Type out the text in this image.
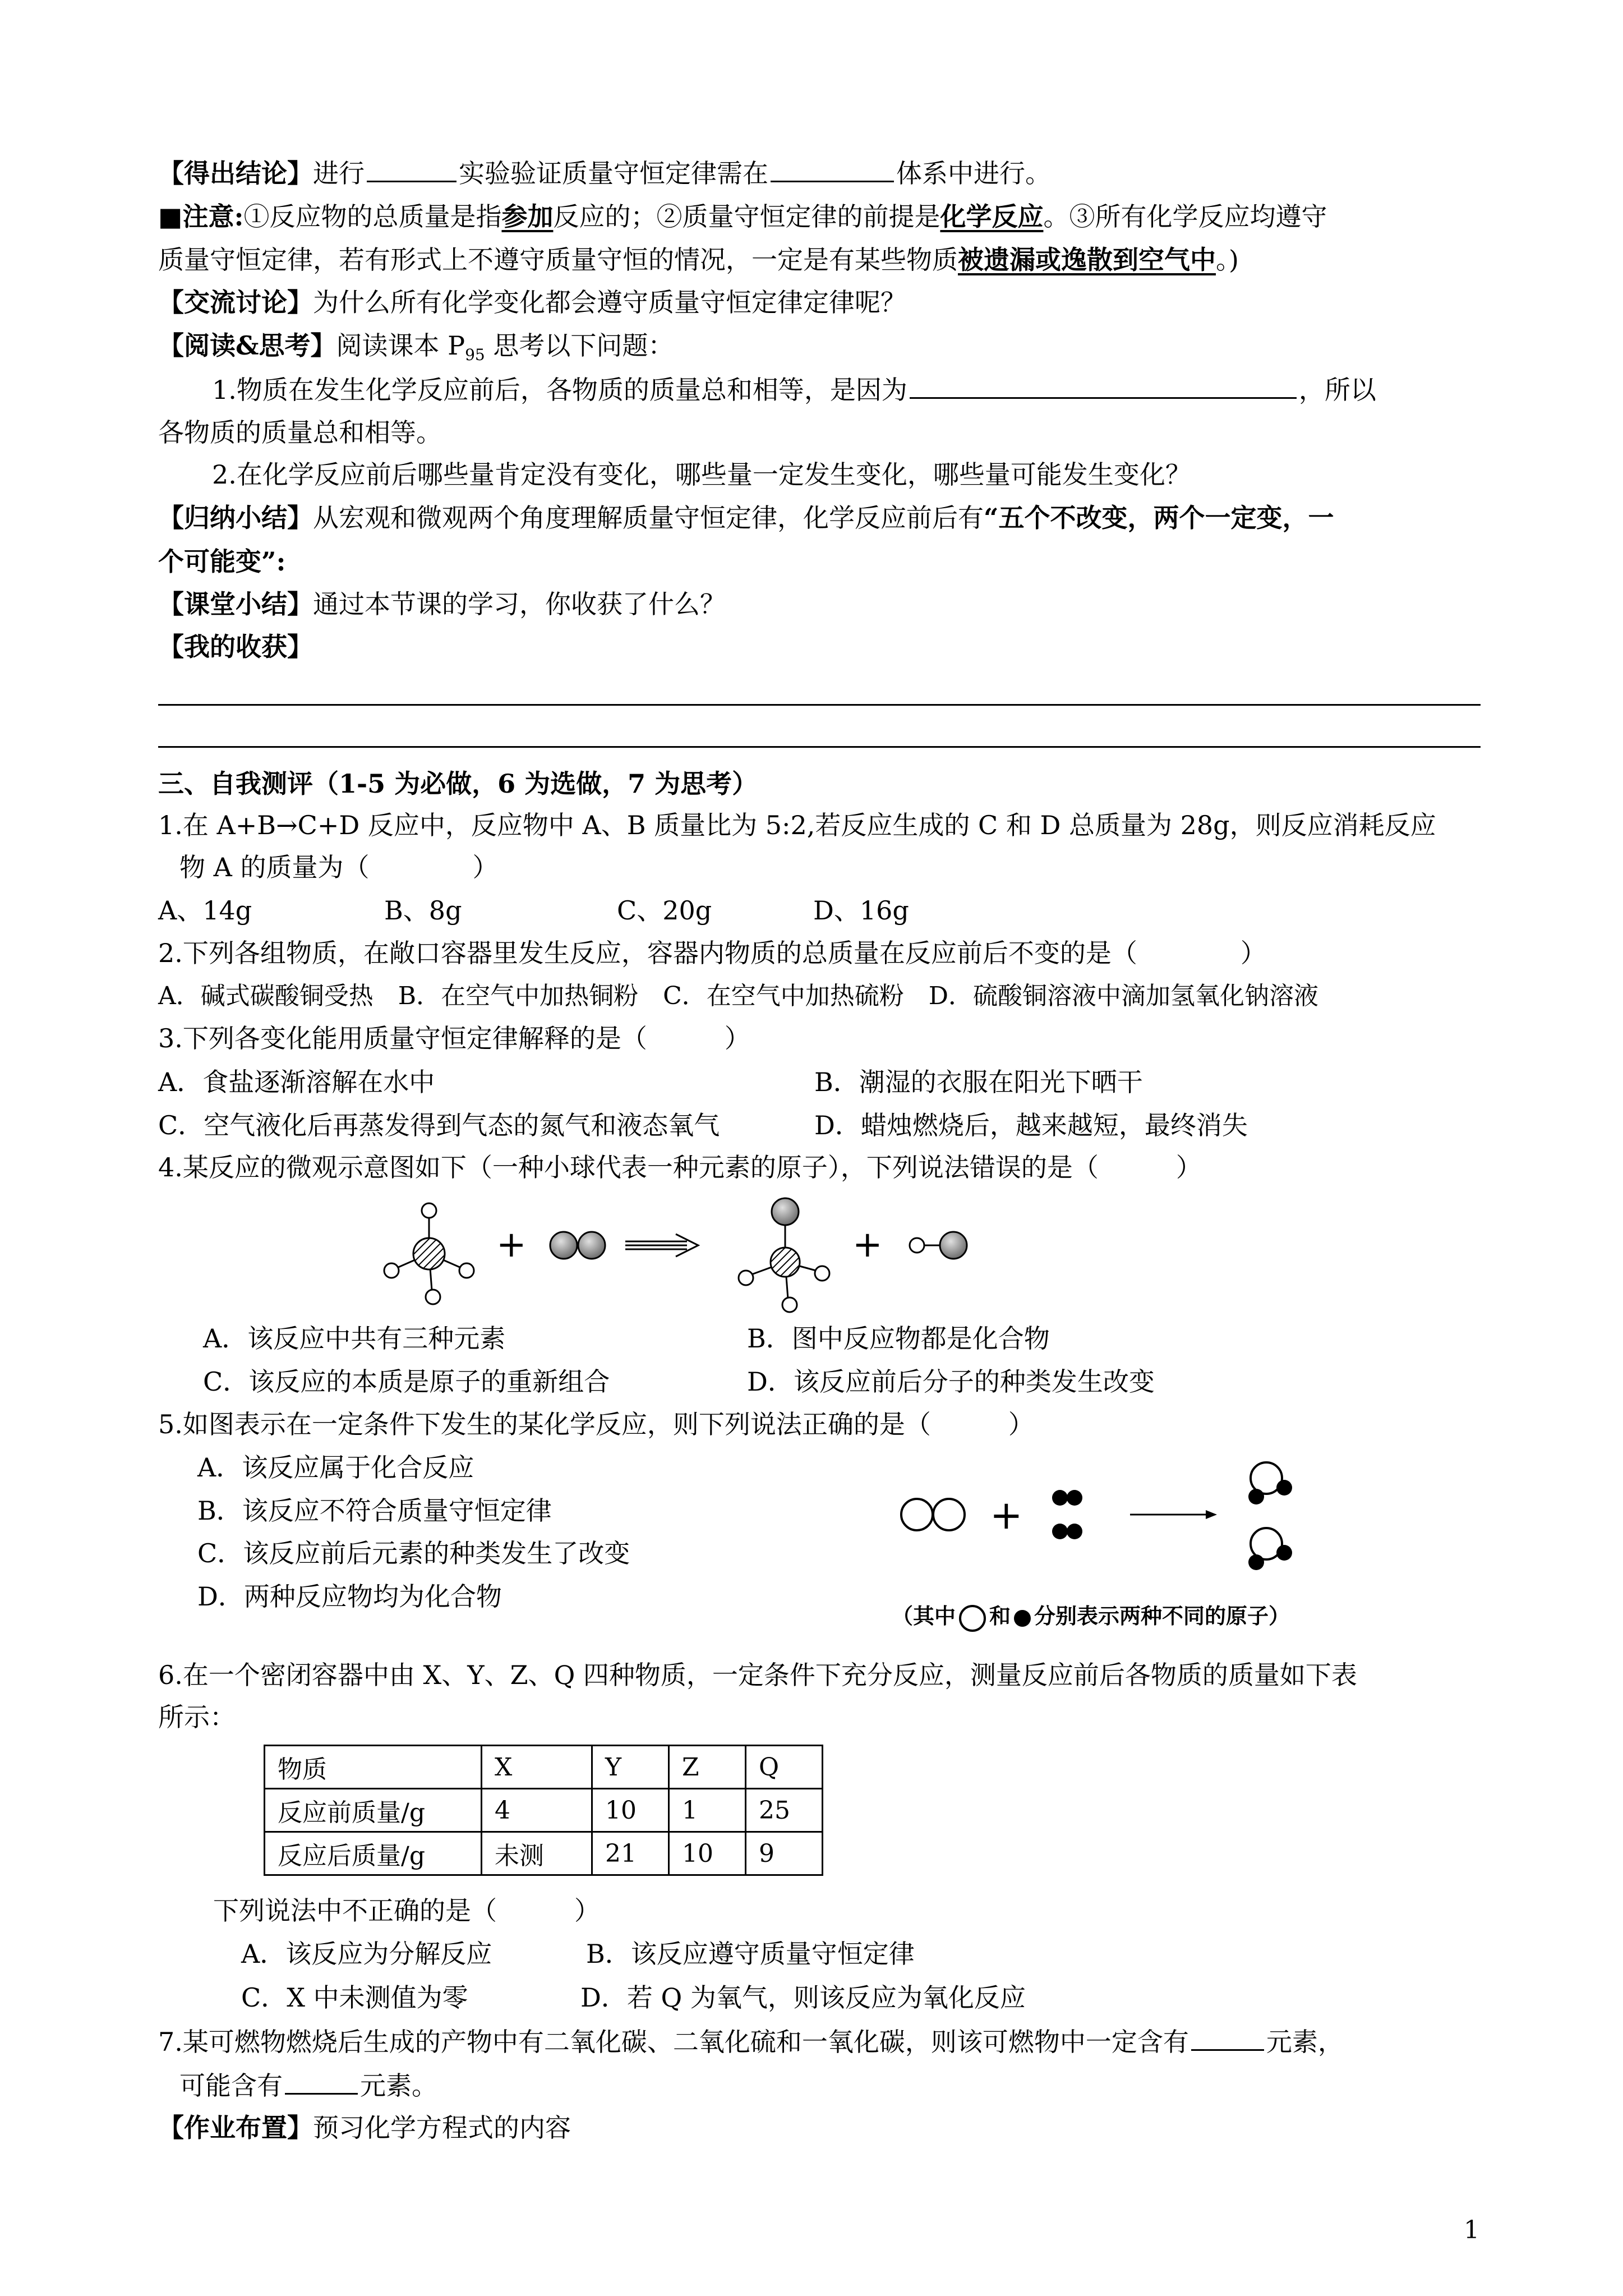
【得出结论】进行	实验验证质量守恒定律需在	体系中进行。
■注意:①反应物的总质量是指参加反应的；②质量守恒定律的前提是化学反应。③所有化学反应均遵守
质量守恒定律，若有形式上不遵守质量守恒的情况，一定是有某些物质被遗漏或逸散到空气中。)
【交流讨论】为什么所有化学变化都会遵守质量守恒定律定律呢？
【阅读&思考】阅读课本 $P_{95}$ 思考以下问题：
1.物质在发生化学反应前后，各物质的质量总和相等，是因为	，所以
各物质的质量总和相等。
2.在化学反应前后哪些量肯定没有变化，哪些量一定发生变化，哪些量可能发生变化？
【归纳小结】从宏观和微观两个角度理解质量守恒定律，化学反应前后有“五个不改变，两个一定变，一
个可能变”:
【课堂小结】通过本节课的学习，你收获了什么？
【我的收获】
三、自我测评（1-5 为必做，6 为选做，7 为思考）
1.在 A+B→C+D 反应中，反应物中 A、B 质量比为 5:2,若反应生成的 C 和 D 总质量为 28g，则反应消耗反应
物 A 的质量为（　　　　）
A、14g	B、8g	C、20g	D、16g
2.下列各组物质，在敞口容器里发生反应，容器内物质的总质量在反应前后不变的是（　　　　）
A．碱式碳酸铜受热　B．在空气中加热铜粉　C．在空气中加热硫粉　D．硫酸铜溶液中滴加氢氧化钠溶液
3.下列各变化能用质量守恒定律解释的是（　　　）
A．食盐逐渐溶解在水中	B．潮湿的衣服在阳光下晒干
C．空气液化后再蒸发得到气态的氮气和液态氧气	D．蜡烛燃烧后，越来越短，最终消失
4.某反应的微观示意图如下（一种小球代表一种元素的原子），下列说法错误的是（　　　）
+	+
A．该反应中共有三种元素	B．图中反应物都是化合物
C．该反应的本质是原子的重新组合	D．该反应前后分子的种类发生改变
5.如图表示在一定条件下发生的某化学反应，则下列说法正确的是（　　　）
A．该反应属于化合反应
B．该反应不符合质量守恒定律
C．该反应前后元素的种类发生了改变
D．两种反应物均为化合物
+
（其中 和 分别表示两种不同的原子）
6.在一个密闭容器中由 X、Y、Z、Q 四种物质，一定条件下充分反应，测量反应前后各物质的质量如下表
所示：
物质	X	Y	Z	Q
反应前质量/g	4	10	1	25
反应后质量/g	未测	21	10	9
下列说法中不正确的是（　　　）
A．该反应为分解反应	B．该反应遵守质量守恒定律
C．X 中未测值为零	D．若 Q 为氧气，则该反应为氧化反应
7.某可燃物燃烧后生成的产物中有二氧化碳、二氧化硫和一氧化碳，则该可燃物中一定含有	元素，
可能含有	元素。
【作业布置】预习化学方程式的内容
1
